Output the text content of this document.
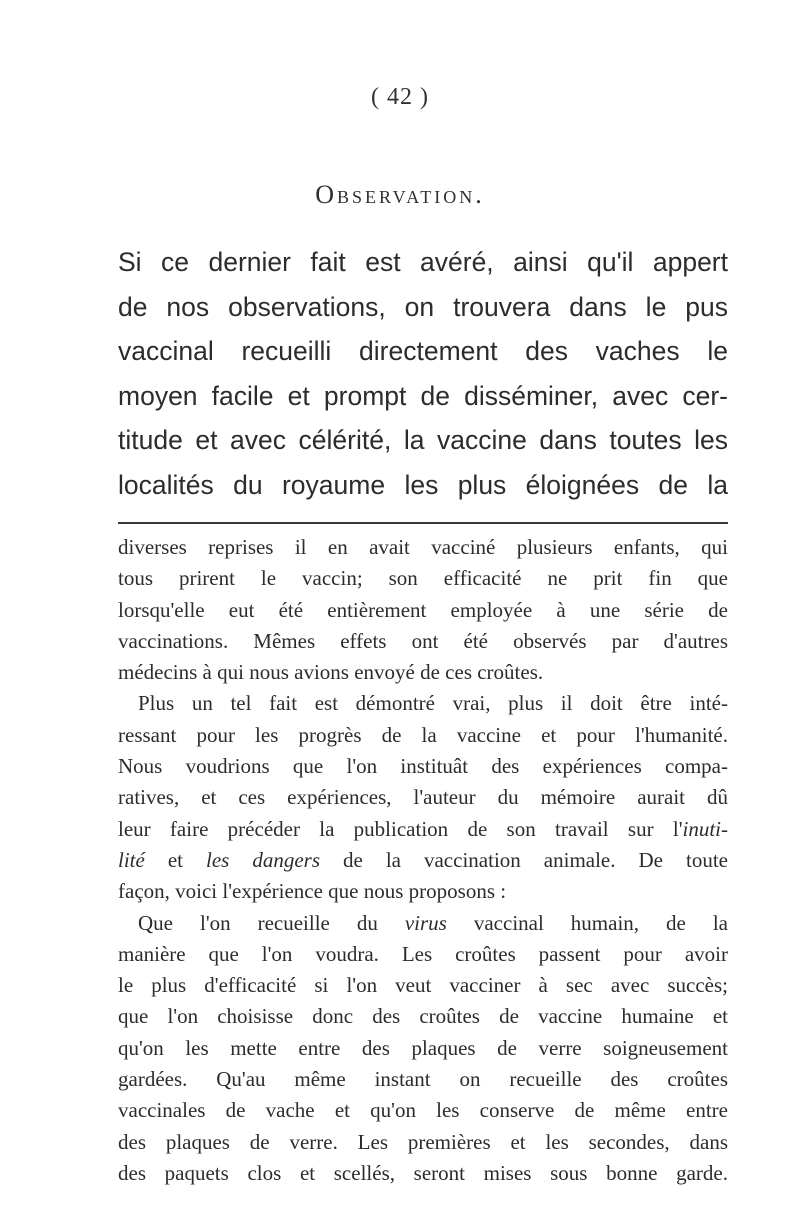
( 42 )
Observation.
Si ce dernier fait est avéré, ainsi qu'il appert
de nos observations, on trouvera dans le pus
vaccinal recueilli directement des vaches le
moyen facile et prompt de disséminer, avec cer-
titude et avec célérité, la vaccine dans toutes les
localités du royaume les plus éloignées de la
diverses reprises il en avait vacciné plusieurs enfants, qui
tous prirent le vaccin; son efficacité ne prit fin que
lorsqu'elle eut été entièrement employée à une série de
vaccinations. Mêmes effets ont été observés par d'autres
médecins à qui nous avions envoyé de ces croûtes.
Plus un tel fait est démontré vrai, plus il doit être inté-
ressant pour les progrès de la vaccine et pour l'humanité.
Nous voudrions que l'on instituât des expériences compa-
ratives, et ces expériences, l'auteur du mémoire aurait dû
leur faire précéder la publication de son travail sur l'inuti-
lité et les dangers de la vaccination animale. De toute
façon, voici l'expérience que nous proposons :
Que l'on recueille du virus vaccinal humain, de la
manière que l'on voudra. Les croûtes passent pour avoir
le plus d'efficacité si l'on veut vacciner à sec avec succès;
que l'on choisisse donc des croûtes de vaccine humaine et
qu'on les mette entre des plaques de verre soigneusement
gardées. Qu'au même instant on recueille des croûtes
vaccinales de vache et qu'on les conserve de même entre
des plaques de verre. Les premières et les secondes, dans
des paquets clos et scellés, seront mises sous bonne garde.
